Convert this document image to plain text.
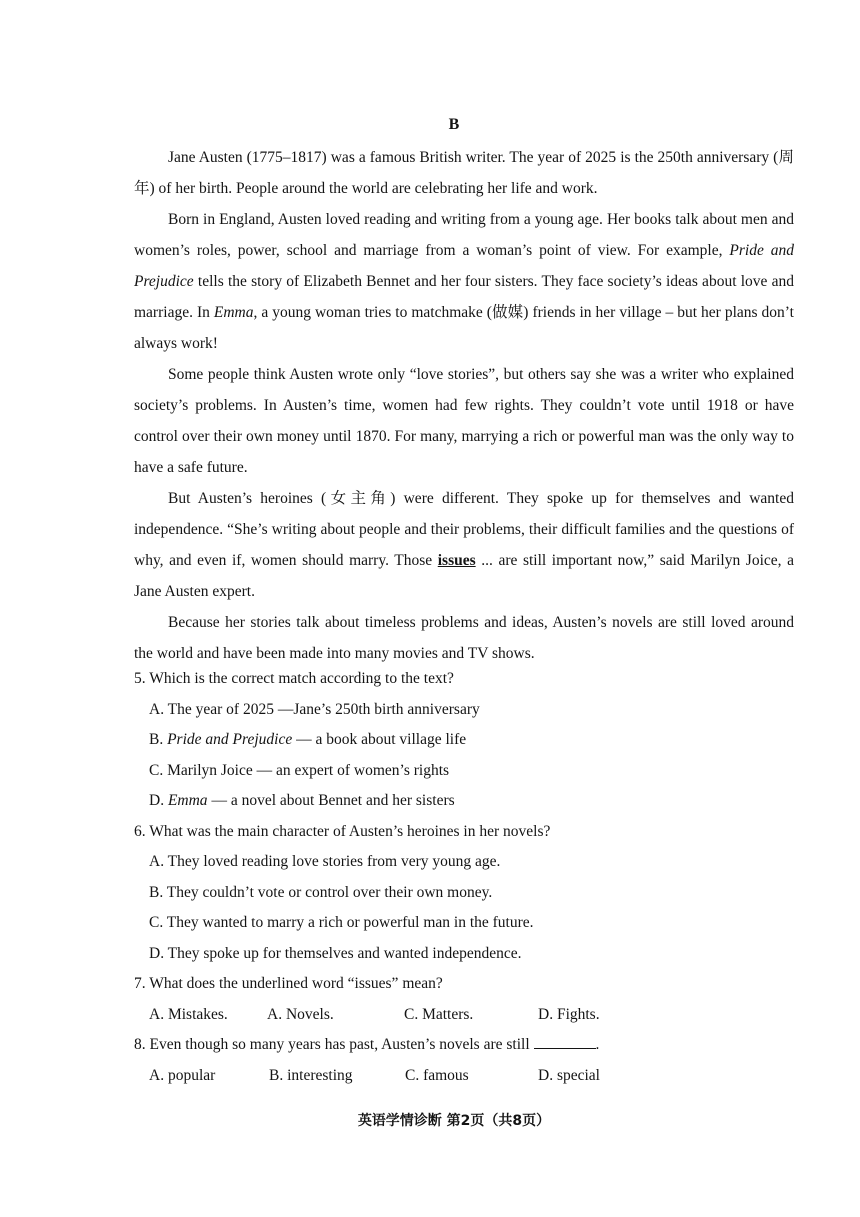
B

Jane Austen (1775–1817) was a famous British writer. The year of 2025 is the 250th anniversary (周年) of her birth. People around the world are celebrating her life and work.

Born in England, Austen loved reading and writing from a young age. Her books talk about men and women’s roles, power, school and marriage from a woman’s point of view. For example, Pride and Prejudice tells the story of Elizabeth Bennet and her four sisters. They face society’s ideas about love and marriage. In Emma, a young woman tries to matchmake (做媒) friends in her village – but her plans don’t always work!

Some people think Austen wrote only “love stories”, but others say she was a writer who explained society’s problems. In Austen’s time, women had few rights. They couldn’t vote until 1918 or have control over their own money until 1870. For many, marrying a rich or powerful man was the only way to have a safe future.

But Austen’s heroines (女主角) were different. They spoke up for themselves and wanted independence. “She’s writing about people and their problems, their difficult families and the questions of why, and even if, women should marry. Those issues ... are still important now,” said Marilyn Joice, a Jane Austen expert.

Because her stories talk about timeless problems and ideas, Austen’s novels are still loved around the world and have been made into many movies and TV shows.

5. Which is the correct match according to the text?

A. The year of 2025 —Jane’s 250th birth anniversary

B. Pride and Prejudice — a book about village life

C. Marilyn Joice — an expert of women’s rights

D. Emma — a novel about Bennet and her sisters

6. What was the main character of Austen’s heroines in her novels?

A. They loved reading love stories from very young age.

B. They couldn’t vote or control over their own money.

C. They wanted to marry a rich or powerful man in the future.

D. They spoke up for themselves and wanted independence.

7. What does the underlined word “issues” mean?

A. Mistakes.	A. Novels.	C. Matters.	D. Fights.

8. Even though so many years has past, Austen’s novels are still	.

A. popular	B. interesting	C. famous	D. special
英语学情诊断 第2页（共8页）
